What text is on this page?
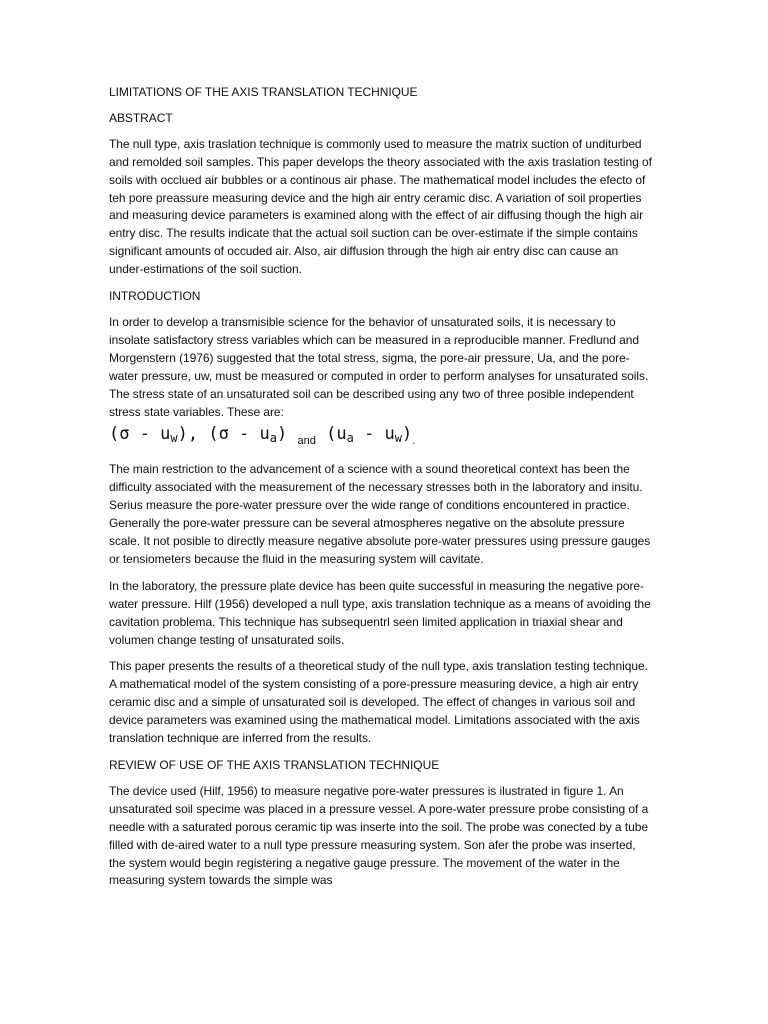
LIMITATIONS OF THE AXIS TRANSLATION TECHNIQUE

ABSTRACT

The null type, axis traslation technique is commonly used to measure the matrix suction of unditurbed and remolded soil samples. This paper develops the theory associated with the axis traslation testing of soils with occlued air bubbles or a continous air phase. The mathematical model includes the efecto of teh pore preassure measuring device and the high air entry ceramic disc. A variation of soil properties and measuring device parameters is examined along with the effect of air diffusing though the high air entry disc. The results indicate that the actual soil suction can be over-estimate if the simple contains significant amounts of occuded air. Also, air diffusion through the high air entry disc can cause an under-estimations of the soil suction.

INTRODUCTION

In order to develop a transmisible science for the behavior of unsaturated soils, it is necessary to insolate satisfactory stress variables which can be measured in a reproducible manner. Fredlund and Morgenstern (1976) suggested that the total stress, sigma, the pore-air pressure, Ua, and the pore-water pressure, uw, must be measured or computed in order to perform analyses for unsaturated soils. The stress state of an unsaturated soil can be described using any two of three posible independent stress state variables. These are:

(σ - uw), (σ - ua) $_{and}$ $(ua - uw)_.$

The main restriction to the advancement of a science with a sound theoretical context has been the difficulty associated with the measurement of the necessary stresses both in the laboratory and insitu. Serius measure the pore-water pressure over the wide range of conditions encountered in practice. Generally the pore-water pressure can be several atmospheres negative on the absolute pressure scale. It not posible to directly measure negative absolute pore-water pressures using pressure gauges or tensiometers because the fluid in the measuring system will cavitate.

In the laboratory, the pressure plate device has been quite successful in measuring the negative pore-water pressure. Hilf (1956) developed a null type, axis translation technique as a means of avoiding the cavitation problema. This technique has subsequentrl seen limited application in triaxial shear and volumen change testing of unsaturated soils.

This paper presents the results of a theoretical study of the null type, axis translation testing technique. A mathematical model of the system consisting of a pore-pressure measuring device, a high air entry ceramic disc and a simple of unsaturated soil is developed. The effect of changes in various soil and device parameters was examined using the mathematical model. Limitations associated with the axis translation technique are inferred from the results.

REVIEW OF USE OF THE AXIS TRANSLATION TECHNIQUE

The device used (Hilf, 1956) to measure negative pore-water pressures is ilustrated in figure 1. An unsaturated soil specime was placed in a pressure vessel. A pore-water pressure probe consisting of a needle with a saturated porous ceramic tip was inserte into the soil. The probe was conected by a tube filled with de-aired water to a null type pressure measuring system. Son afer the probe was inserted, the system would begin registering a negative gauge pressure. The movement of the water in the measuring system towards the simple was
